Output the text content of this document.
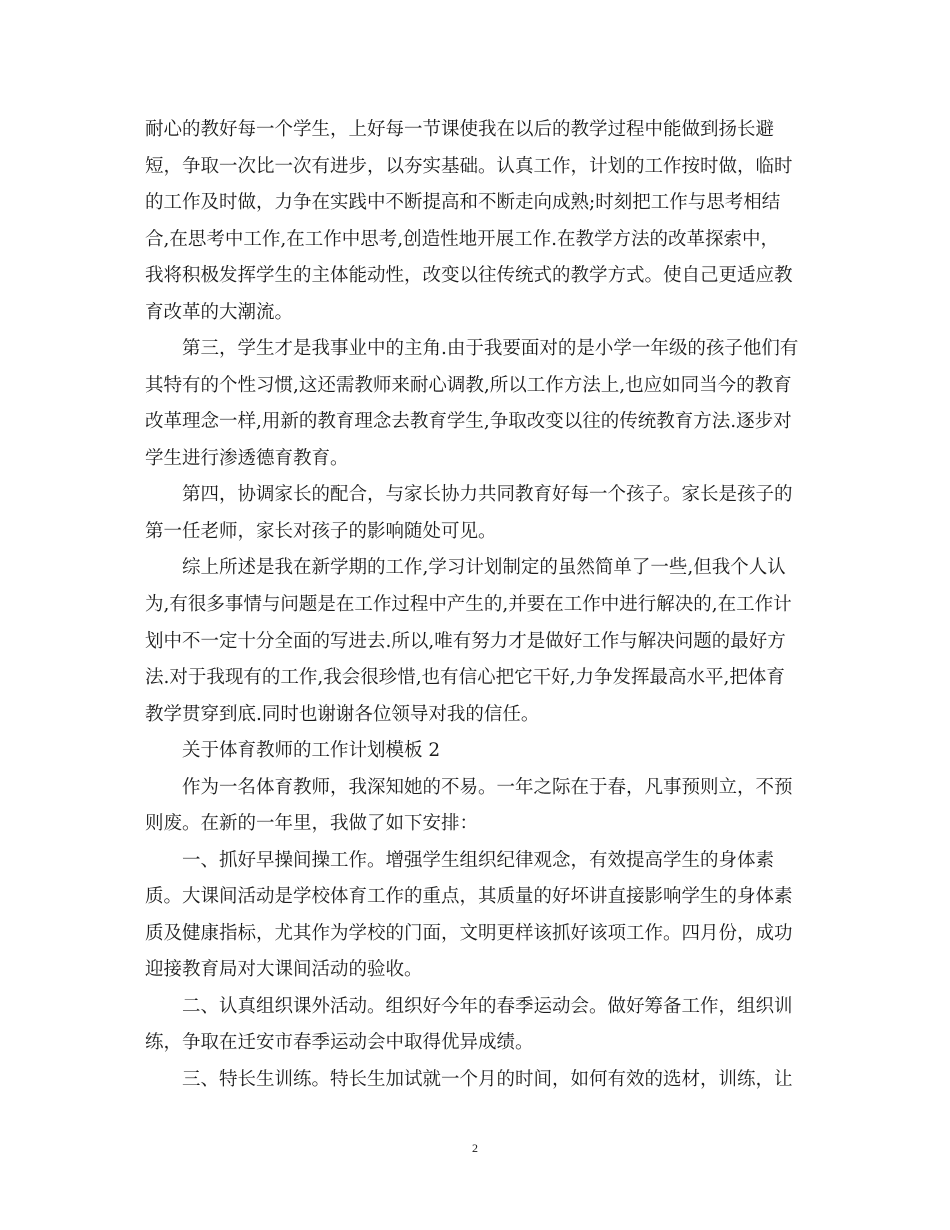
耐心的教好每一个学生，上好每一节课使我在以后的教学过程中能做到扬长避
短，争取一次比一次有进步，以夯实基础。认真工作，计划的工作按时做，临时
的工作及时做，力争在实践中不断提高和不断走向成熟;时刻把工作与思考相结
合,在思考中工作,在工作中思考,创造性地开展工作.在教学方法的改革探索中，
我将积极发挥学生的主体能动性，改变以往传统式的教学方式。使自己更适应教
育改革的大潮流。
第三，学生才是我事业中的主角.由于我要面对的是小学一年级的孩子他们有
其特有的个性习惯,这还需教师来耐心调教,所以工作方法上,也应如同当今的教育
改革理念一样,用新的教育理念去教育学生,争取改变以往的传统教育方法.逐步对
学生进行渗透德育教育。
第四，协调家长的配合，与家长协力共同教育好每一个孩子。家长是孩子的
第一任老师，家长对孩子的影响随处可见。
综上所述是我在新学期的工作,学习计划制定的虽然简单了一些,但我个人认
为,有很多事情与问题是在工作过程中产生的,并要在工作中进行解决的,在工作计
划中不一定十分全面的写进去.所以,唯有努力才是做好工作与解决问题的最好方
法.对于我现有的工作,我会很珍惜,也有信心把它干好,力争发挥最高水平,把体育
教学贯穿到底.同时也谢谢各位领导对我的信任。
关于体育教师的工作计划模板 2
作为一名体育教师，我深知她的不易。一年之际在于春，凡事预则立，不预
则废。在新的一年里，我做了如下安排：
一、抓好早操间操工作。增强学生组织纪律观念，有效提高学生的身体素
质。大课间活动是学校体育工作的重点，其质量的好坏讲直接影响学生的身体素
质及健康指标，尤其作为学校的门面，文明更样该抓好该项工作。四月份，成功
迎接教育局对大课间活动的验收。
二、认真组织课外活动。组织好今年的春季运动会。做好筹备工作，组织训
练，争取在迁安市春季运动会中取得优异成绩。
三、特长生训练。特长生加试就一个月的时间，如何有效的选材，训练，让
2
